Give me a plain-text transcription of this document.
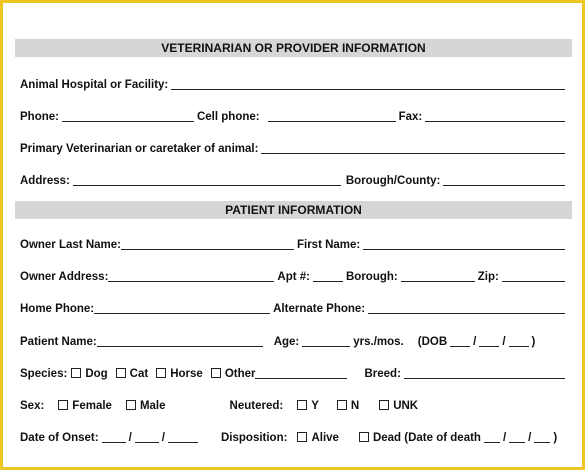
VETERINARIAN OR PROVIDER INFORMATION
Animal Hospital or Facility:
Phone:	Cell phone:	Fax:
Primary Veterinarian or caretaker of animal:
Address:	Borough/County:
PATIENT INFORMATION
Owner Last Name:	First Name:
Owner Address:	Apt #:	Borough:	Zip:
Home Phone:	Alternate Phone:
Patient Name:	Age:	yrs./mos. (DOB / / )
Species: Dog Cat Horse Other	Breed:
Sex: Female Male	Neutered: Y	N	UNK
Date of Onset:	/	/	Disposition: Alive	Dead (Date of death / / )
